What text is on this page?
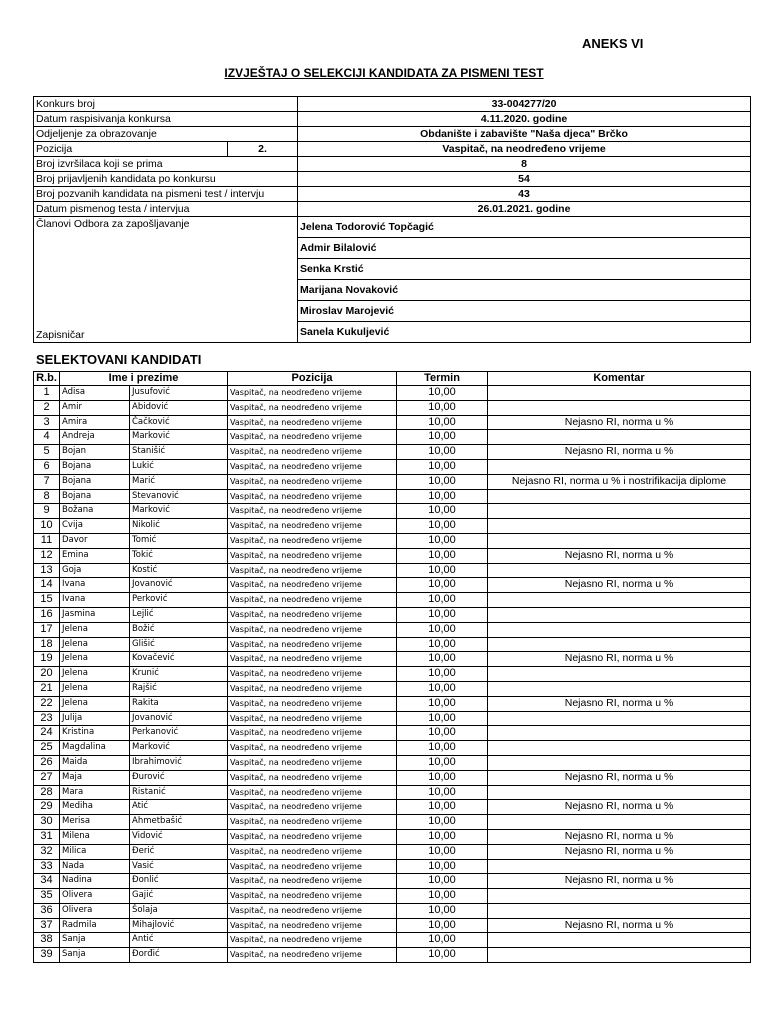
ANEKS VI
IZVJEŠTAJ O SELEKCIJI KANDIDATA ZA PISMENI TEST
Konkurs broj		33-004277/20
Datum raspisivanja konkursa		4.11.2020. godine
Odjeljenje za obrazovanje		Obdanište i zabavište "Naša djeca" Brčko
Pozicija	2.	Vaspitač, na neodređeno vrijeme
Broj izvršilaca koji se prima		8
Broj prijavljenih kandidata po konkursu		54
Broj pozvanih kandidata na pismeni test / intervju		43
Datum pismenog testa / intervjua		26.01.2021. godine
Članovi Odbora za zapošljavanje		Jelena Todorović Topčagić
		Admir Bilalović
		Senka Krstić
		Marijana Novaković
		Miroslav Marojević
Zapisničar		Sanela Kukuljević
SELEKTOVANI KANDIDATI
R.b.	Ime i prezime		Pozicija	Termin	Komentar
1	Adisa	Jusufović	Vaspitač, na neodređeno vrijeme	10,00	
2	Amir	Abidović	Vaspitač, na neodređeno vrijeme	10,00	
3	Amira	Čačković	Vaspitač, na neodređeno vrijeme	10,00	Nejasno RI, norma u %
4	Andreja	Marković	Vaspitač, na neodređeno vrijeme	10,00	
5	Bojan	Stanišić	Vaspitač, na neodređeno vrijeme	10,00	Nejasno RI, norma u %
6	Bojana	Lukić	Vaspitač, na neodređeno vrijeme	10,00	
7	Bojana	Marić	Vaspitač, na neodređeno vrijeme	10,00	Nejasno RI, norma u % i nostrifikacija diplome
8	Bojana	Stevanović	Vaspitač, na neodređeno vrijeme	10,00	
9	Božana	Marković	Vaspitač, na neodređeno vrijeme	10,00	
10	Cvija	Nikolić	Vaspitač, na neodređeno vrijeme	10,00	
11	Davor	Tomić	Vaspitač, na neodređeno vrijeme	10,00	
12	Emina	Tokić	Vaspitač, na neodređeno vrijeme	10,00	Nejasno RI, norma u %
13	Goja	Kostić	Vaspitač, na neodređeno vrijeme	10,00	
14	Ivana	Jovanović	Vaspitač, na neodređeno vrijeme	10,00	Nejasno RI, norma u %
15	Ivana	Perković	Vaspitač, na neodređeno vrijeme	10,00	
16	Jasmina	Lejlić	Vaspitač, na neodređeno vrijeme	10,00	
17	Jelena	Božić	Vaspitač, na neodređeno vrijeme	10,00	
18	Jelena	Glišić	Vaspitač, na neodređeno vrijeme	10,00	
19	Jelena	Kovačević	Vaspitač, na neodređeno vrijeme	10,00	Nejasno RI, norma u %
20	Jelena	Krunić	Vaspitač, na neodređeno vrijeme	10,00	
21	Jelena	Rajšić	Vaspitač, na neodređeno vrijeme	10,00	
22	Jelena	Rakita	Vaspitač, na neodređeno vrijeme	10,00	Nejasno RI, norma u %
23	Julija	Jovanović	Vaspitač, na neodređeno vrijeme	10,00	
24	Kristina	Perkanović	Vaspitač, na neodređeno vrijeme	10,00	
25	Magdalina	Marković	Vaspitač, na neodređeno vrijeme	10,00	
26	Maida	Ibrahimović	Vaspitač, na neodređeno vrijeme	10,00	
27	Maja	Đurović	Vaspitač, na neodređeno vrijeme	10,00	Nejasno RI, norma u %
28	Mara	Ristanić	Vaspitač, na neodređeno vrijeme	10,00	
29	Mediha	Atić	Vaspitač, na neodređeno vrijeme	10,00	Nejasno RI, norma u %
30	Merisa	Ahmetbašić	Vaspitač, na neodređeno vrijeme	10,00	
31	Milena	Vidović	Vaspitač, na neodređeno vrijeme	10,00	Nejasno RI, norma u %
32	Milica	Đerić	Vaspitač, na neodređeno vrijeme	10,00	Nejasno RI, norma u %
33	Nada	Vasić	Vaspitač, na neodređeno vrijeme	10,00	
34	Nadina	Đonlić	Vaspitač, na neodređeno vrijeme	10,00	Nejasno RI, norma u %
35	Olivera	Gajić	Vaspitač, na neodređeno vrijeme	10,00	
36	Olivera	Šolaja	Vaspitač, na neodređeno vrijeme	10,00	
37	Radmila	Mihajlović	Vaspitač, na neodređeno vrijeme	10,00	Nejasno RI, norma u %
38	Sanja	Antić	Vaspitač, na neodređeno vrijeme	10,00	
39	Sanja	Đorđić	Vaspitač, na neodređeno vrijeme	10,00	
